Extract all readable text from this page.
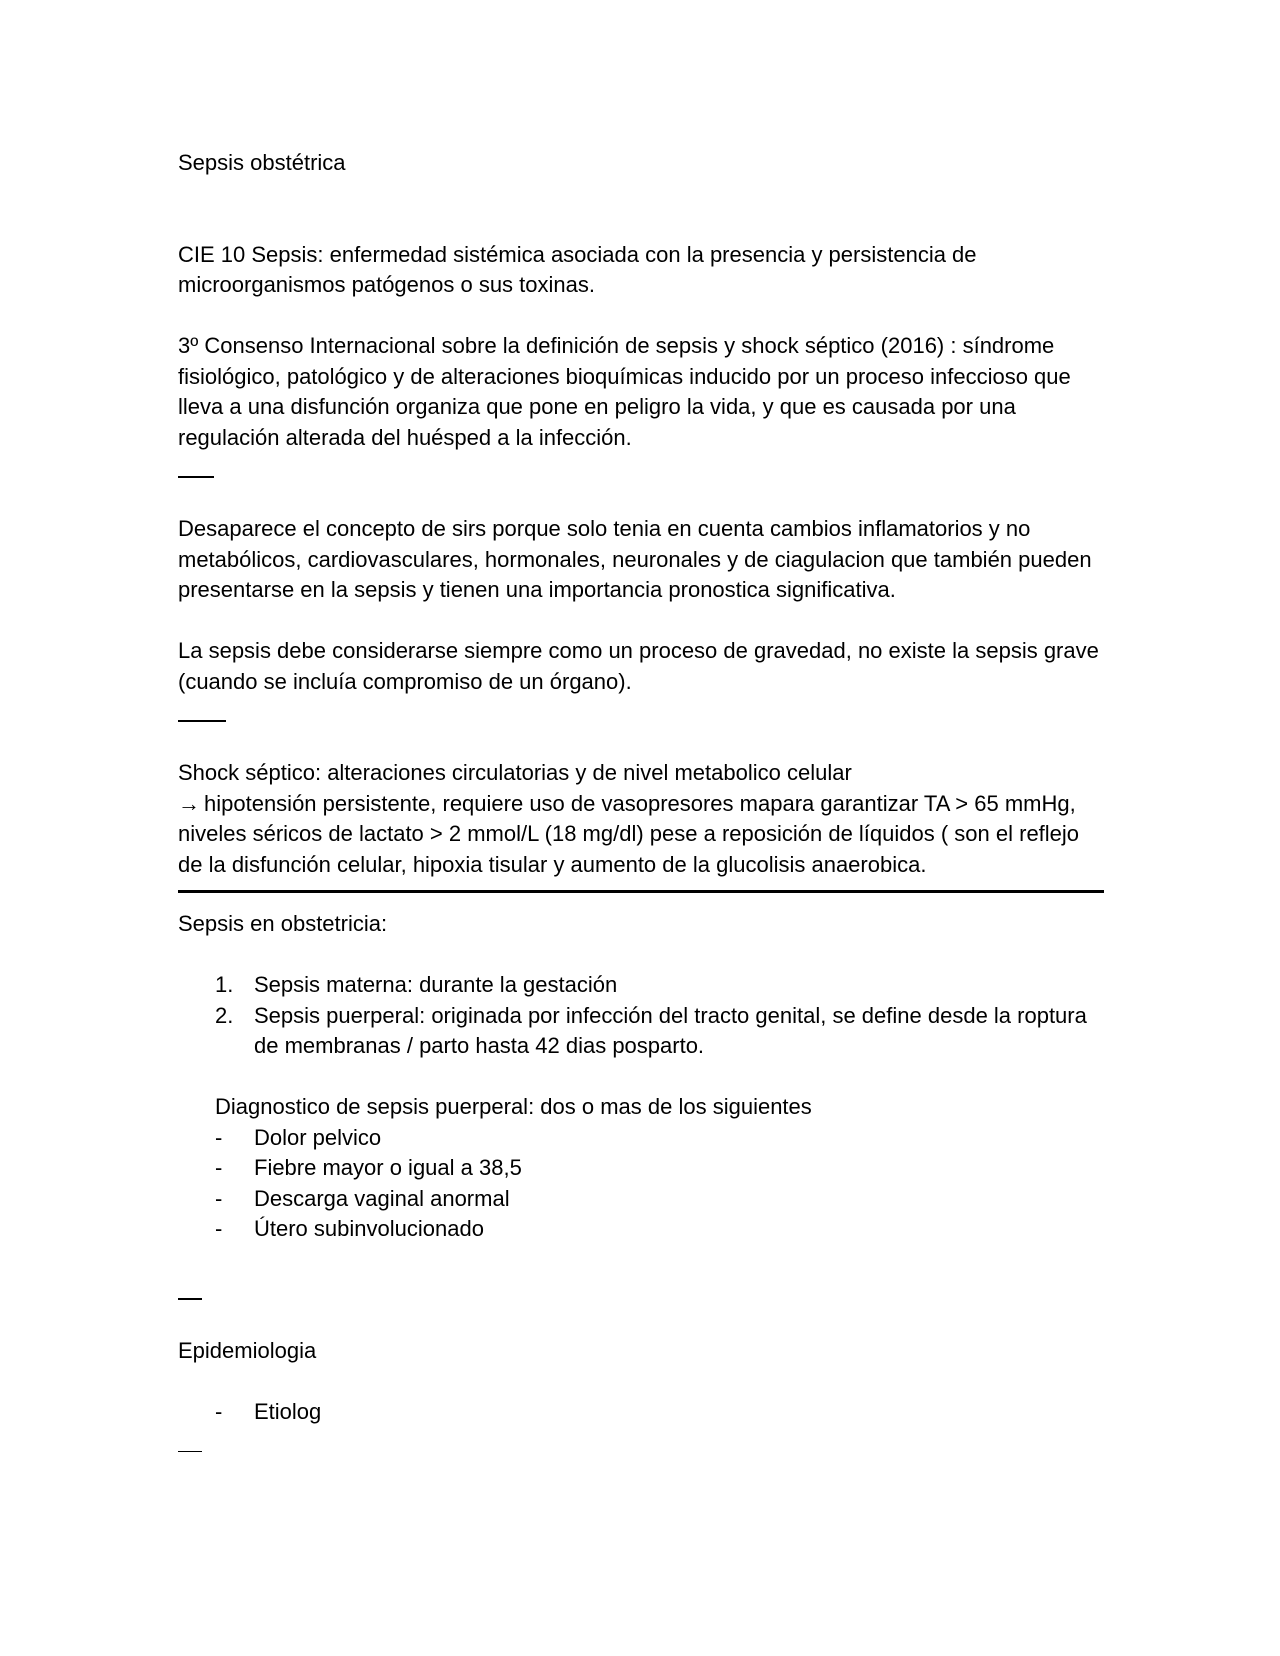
Sepsis obstétrica

CIE 10 Sepsis: enfermedad sistémica asociada con la presencia y persistencia de microorganismos patógenos o sus toxinas.

3º Consenso Internacional sobre la definición de sepsis y shock séptico (2016) : síndrome fisiológico, patológico y de alteraciones bioquímicas inducido por un proceso infeccioso que lleva a una disfunción organiza que pone en peligro la vida, y que es causada por una regulación alterada del huésped a la infección.

Desaparece el concepto de sirs porque solo tenia en cuenta cambios inflamatorios y no metabólicos, cardiovasculares, hormonales, neuronales y de ciagulacion que también pueden presentarse en la sepsis y tienen una importancia pronostica significativa.

La sepsis debe considerarse siempre como un proceso de gravedad, no existe la sepsis grave (cuando se incluía compromiso de un órgano).

Shock séptico: alteraciones circulatorias y de nivel metabolico celular

→ hipotensión persistente, requiere uso de vasopresores mapara garantizar TA > 65 mmHg, niveles séricos de lactato > 2 mmol/L (18 mg/dl) pese a reposición de líquidos ( son el reflejo de la disfunción celular, hipoxia tisular y aumento de la glucolisis anaerobica.

Sepsis en obstetricia:

1. Sepsis materna: durante la gestación
2. Sepsis puerperal: originada por infección del tracto genital, se define desde la roptura de membranas / parto hasta 42 dias posparto.

Diagnostico de sepsis puerperal: dos o mas de los siguientes

- Dolor pelvico
- Fiebre mayor o igual a 38,5
- Descarga vaginal anormal
- Útero subinvolucionado

Epidemiologia

- Etiolog
